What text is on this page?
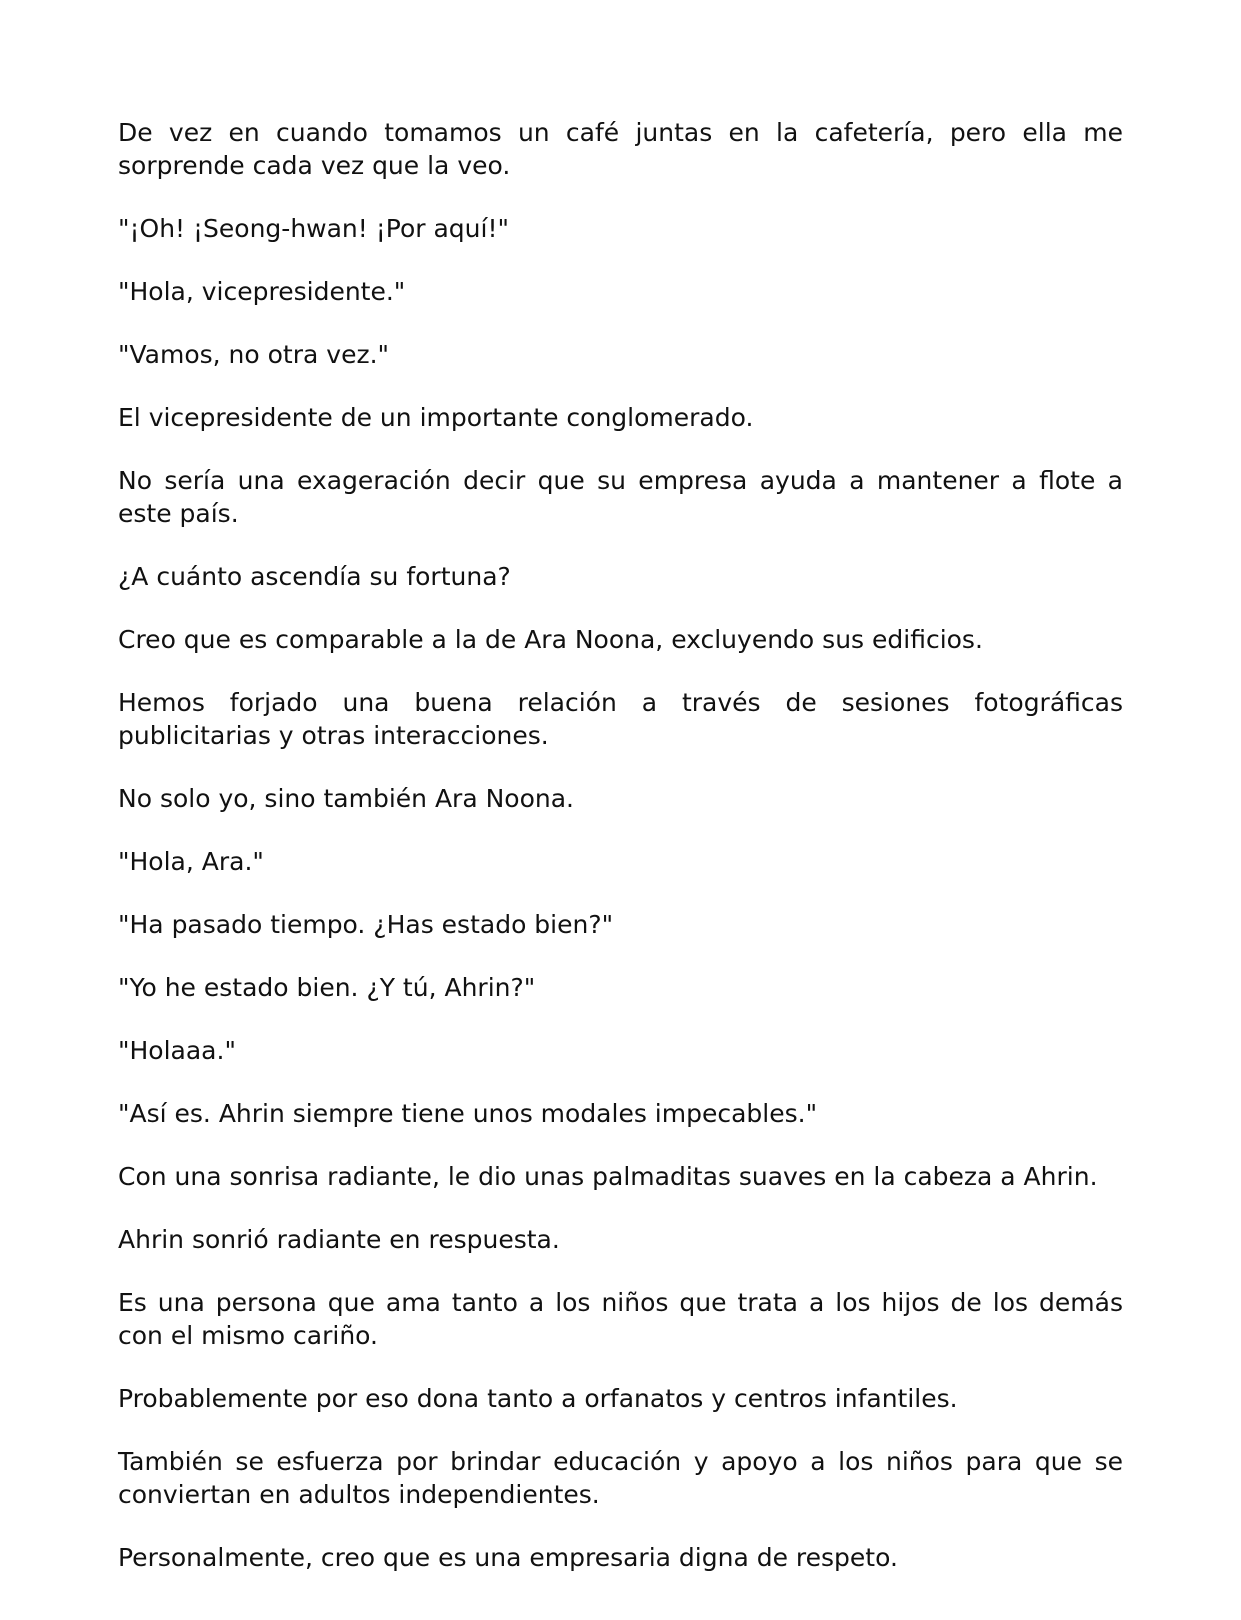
De vez en cuando tomamos un café juntas en la cafetería, pero ella me sorprende cada vez que la veo.

"¡Oh! ¡Seong-hwan! ¡Por aquí!"

"Hola, vicepresidente."

"Vamos, no otra vez."

El vicepresidente de un importante conglomerado.

No sería una exageración decir que su empresa ayuda a mantener a flote a este país.

¿A cuánto ascendía su fortuna?

Creo que es comparable a la de Ara Noona, excluyendo sus edificios.

Hemos forjado una buena relación a través de sesiones fotográficas publicitarias y otras interacciones.

No solo yo, sino también Ara Noona.

"Hola, Ara."

"Ha pasado tiempo. ¿Has estado bien?"

"Yo he estado bien. ¿Y tú, Ahrin?"

"Holaaa."

"Así es. Ahrin siempre tiene unos modales impecables."

Con una sonrisa radiante, le dio unas palmaditas suaves en la cabeza a Ahrin.

Ahrin sonrió radiante en respuesta.

Es una persona que ama tanto a los niños que trata a los hijos de los demás con el mismo cariño.

Probablemente por eso dona tanto a orfanatos y centros infantiles.

También se esfuerza por brindar educación y apoyo a los niños para que se conviertan en adultos independientes.

Personalmente, creo que es una empresaria digna de respeto.
